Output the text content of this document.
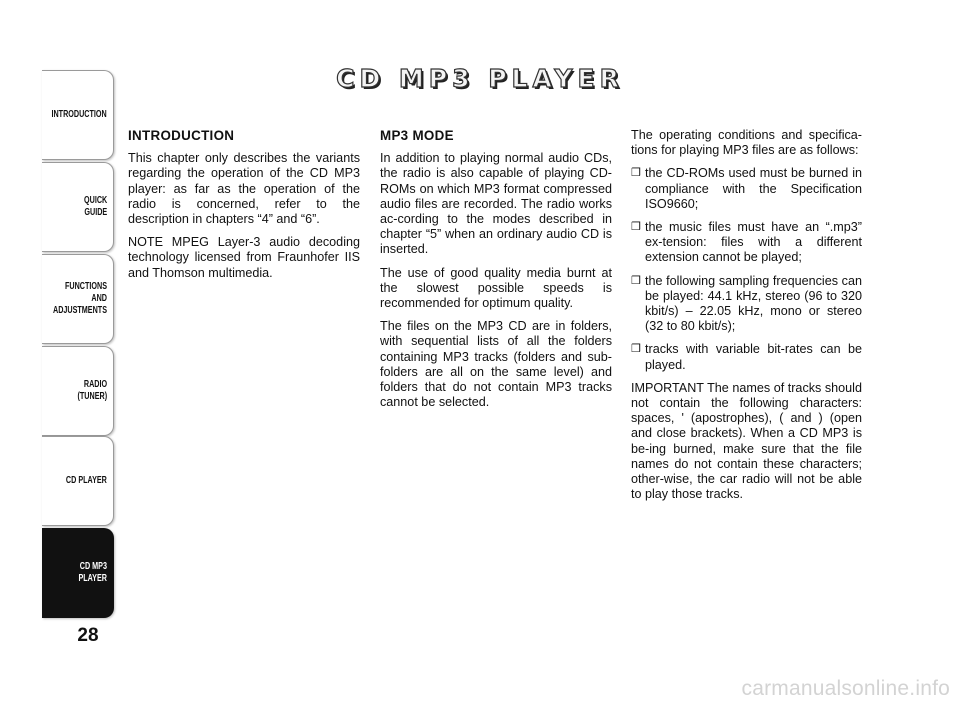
INTRODUCTION
QUICK
GUIDE
FUNCTIONS
AND
ADJUSTMENTS
RADIO
(TUNER)
CD PLAYER
CD MP3 PLAYER
28
CD MP3 PLAYER
INTRODUCTION

This chapter only describes the variants regarding the operation of the CD MP3 player: as far as the operation of the radio is concerned, refer to the description in chapters “4” and “6”.

NOTE MPEG Layer-3 audio decoding technology licensed from Fraunhofer IIS and Thomson multimedia.

MP3 MODE

In addition to playing normal audio CDs, the radio is also capable of playing CD-ROMs on which MP3 format compressed audio files are recorded. The radio works ac-cording to the modes described in chapter “5” when an ordinary audio CD is inserted.

The use of good quality media burnt at the slowest possible speeds is recommended for optimum quality.

The files on the MP3 CD are in folders, with sequential lists of all the folders containing MP3 tracks (folders and sub-folders are all on the same level) and folders that do not contain MP3 tracks cannot be selected.

The operating conditions and specifica-tions for playing MP3 files are as follows:

❒ the CD-ROMs used must be burned in compliance with the Specification ISO9660;
❒ the music files must have an “.mp3” ex-tension: files with a different extension cannot be played;
❒ the following sampling frequencies can be played: 44.1 kHz, stereo (96 to 320 kbit/s) – 22.05 kHz, mono or stereo (32 to 80 kbit/s);
❒ tracks with variable bit-rates can be played.

IMPORTANT The names of tracks should not contain the following characters: spaces, ' (apostrophes), ( and ) (open and close brackets). When a CD MP3 is be-ing burned, make sure that the file names do not contain these characters; other-wise, the car radio will not be able to play those tracks.

carmanualsonline.info
